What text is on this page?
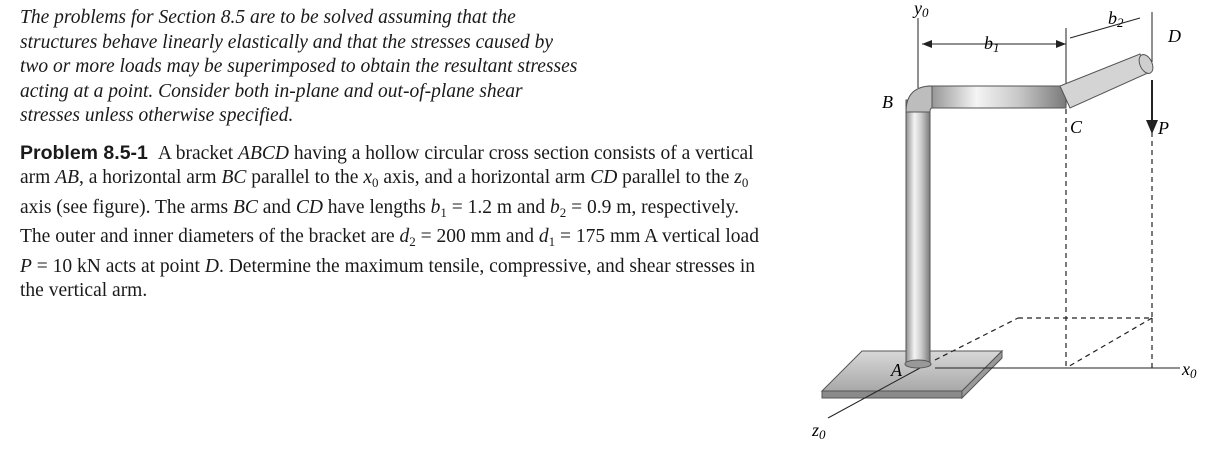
The problems for Section 8.5 are to be solved assuming that the
structures behave linearly elastically and that the stresses caused by
two or more loads may be superimposed to obtain the resultant stresses
acting at a point. Consider both in-plane and out-of-plane shear
stresses unless otherwise specified.

Problem 8.5-1 A bracket ABCD having a hollow circular cross section consists of a vertical arm AB, a horizontal arm BC parallel to the $x_0$ axis, and a horizontal arm CD parallel to the $z_0$ axis (see figure). The arms BC and CD have lengths $b_1 = 1.2$ m and $b_2 = 0.9$ m, respectively. The outer and inner diameters of the bracket are $d_2 = 200$ mm and $d_1 = 175$ mm A vertical load P = 10 kN acts at point D. Determine the maximum tensile, compressive, and shear stresses in the vertical arm.

y0
x0
z0
A
B
C
D
P
b1
b2
